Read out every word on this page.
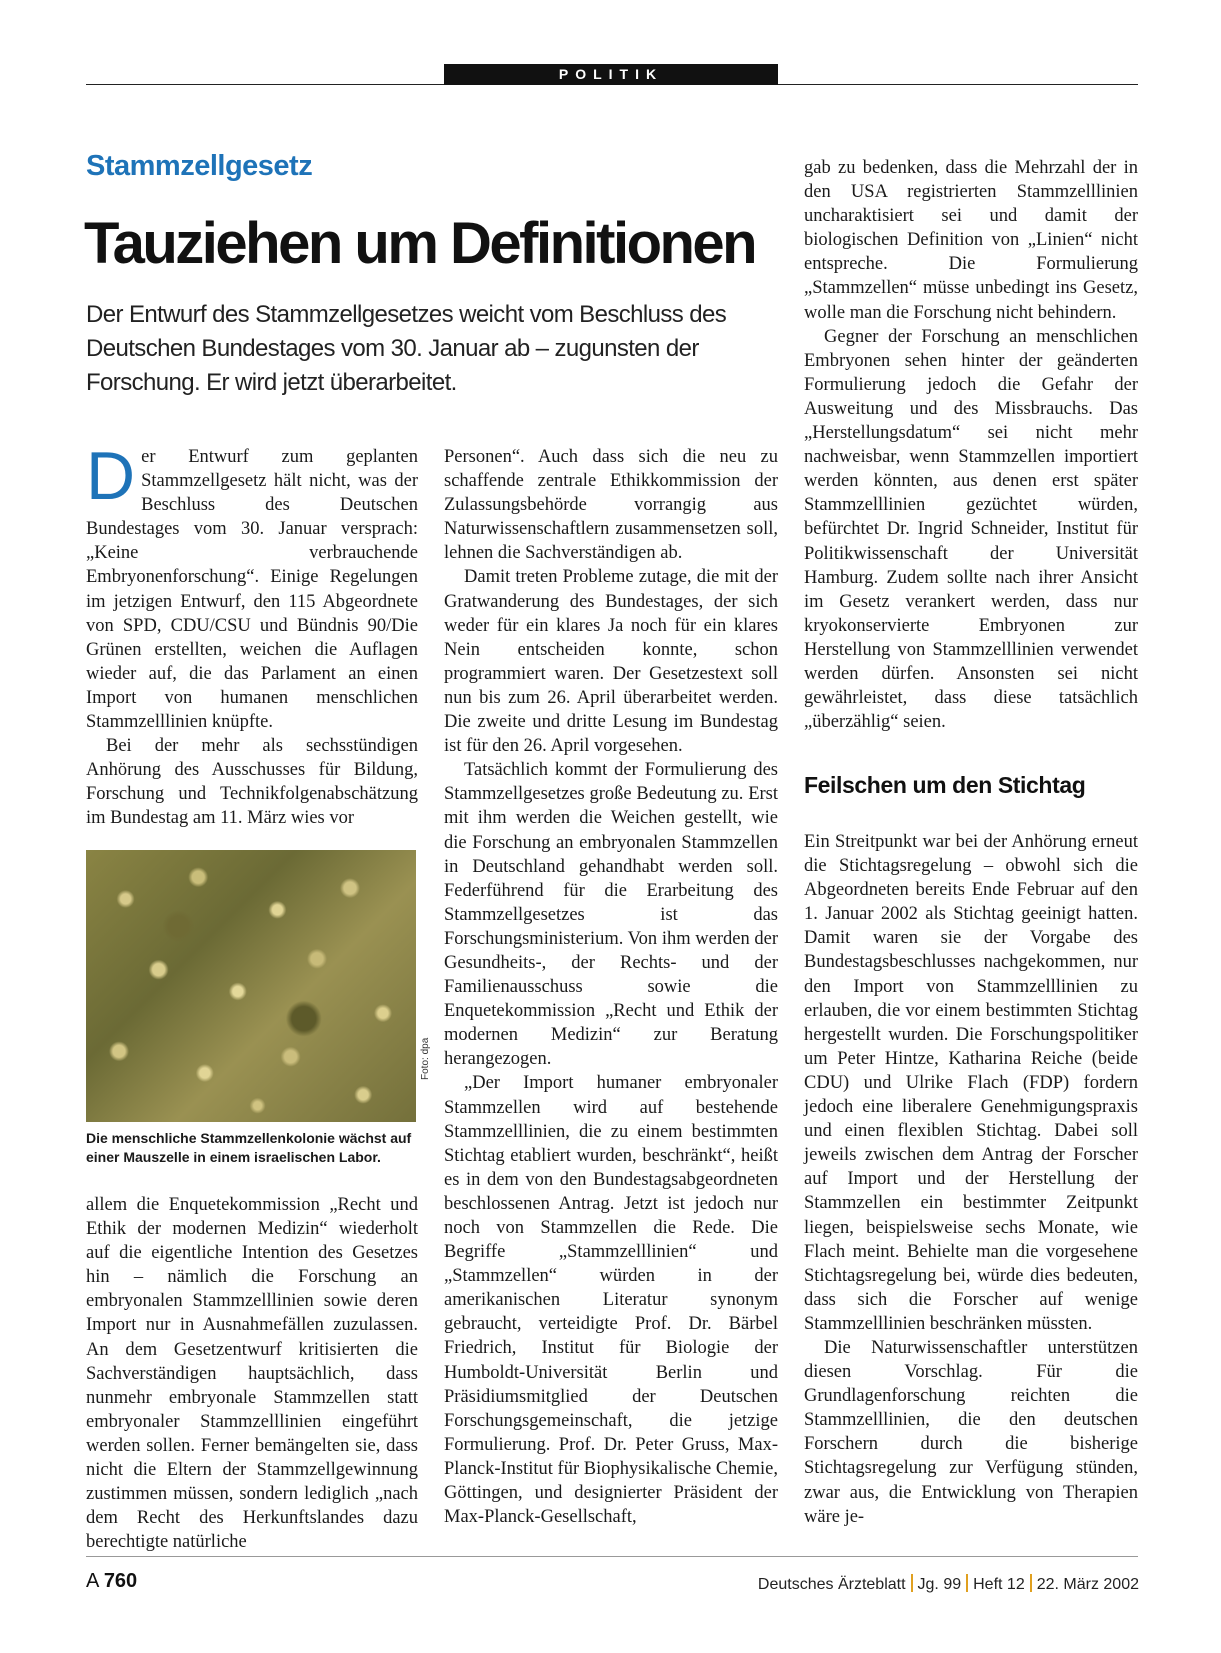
POLITIK
Stammzellgesetz
Tauziehen um Definitionen
Der Entwurf des Stammzellgesetzes weicht vom Beschluss des Deutschen Bundestages vom 30. Januar ab – zugunsten der Forschung. Er wird jetzt überarbeitet.

Der Entwurf zum geplanten Stammzellgesetz hält nicht, was der Beschluss des Deutschen Bundestages vom 30. Januar versprach: „Keine verbrauchende Embryonenforschung“. Einige Regelungen im jetzigen Entwurf, den 115 Abgeordnete von SPD, CDU/CSU und Bündnis 90/Die Grünen erstellten, weichen die Auflagen wieder auf, die das Parlament an einen Import von humanen menschlichen Stammzelllinien knüpfte.

Bei der mehr als sechsstündigen Anhörung des Ausschusses für Bildung, Forschung und Technikfolgenabschätzung im Bundestag am 11. März wies vor

Foto: dpa
Die menschliche Stammzellenkolonie wächst auf einer Mauszelle in einem israelischen Labor.

allem die Enquetekommission „Recht und Ethik der modernen Medizin“ wiederholt auf die eigentliche Intention des Gesetzes hin – nämlich die Forschung an embryonalen Stammzelllinien sowie deren Import nur in Ausnahmefällen zuzulassen. An dem Gesetzentwurf kritisierten die Sachverständigen hauptsächlich, dass nunmehr embryonale Stammzellen statt embryonaler Stammzelllinien eingeführt werden sollen. Ferner bemängelten sie, dass nicht die Eltern der Stammzellgewinnung zustimmen müssen, sondern lediglich „nach dem Recht des Herkunftslandes dazu berechtigte natürliche

Personen“. Auch dass sich die neu zu schaffende zentrale Ethikkommission der Zulassungsbehörde vorrangig aus Naturwissenschaftlern zusammensetzen soll, lehnen die Sachverständigen ab.

Damit treten Probleme zutage, die mit der Gratwanderung des Bundestages, der sich weder für ein klares Ja noch für ein klares Nein entscheiden konnte, schon programmiert waren. Der Gesetzestext soll nun bis zum 26. April überarbeitet werden. Die zweite und dritte Lesung im Bundestag ist für den 26. April vorgesehen.

Tatsächlich kommt der Formulierung des Stammzellgesetzes große Bedeutung zu. Erst mit ihm werden die Weichen gestellt, wie die Forschung an embryonalen Stammzellen in Deutschland gehandhabt werden soll. Federführend für die Erarbeitung des Stammzellgesetzes ist das Forschungsministerium. Von ihm werden der Gesundheits-, der Rechts- und der Familienausschuss sowie die Enquetekommission „Recht und Ethik der modernen Medizin“ zur Beratung herangezogen.

„Der Import humaner embryonaler Stammzellen wird auf bestehende Stammzelllinien, die zu einem bestimmten Stichtag etabliert wurden, beschränkt“, heißt es in dem von den Bundestagsabgeordneten beschlossenen Antrag. Jetzt ist jedoch nur noch von Stammzellen die Rede. Die Begriffe „Stammzelllinien“ und „Stammzellen“ würden in der amerikanischen Literatur synonym gebraucht, verteidigte Prof. Dr. Bärbel Friedrich, Institut für Biologie der Humboldt-Universität Berlin und Präsidiumsmitglied der Deutschen Forschungsgemeinschaft, die jetzige Formulierung. Prof. Dr. Peter Gruss, Max-Planck-Institut für Biophysikalische Chemie, Göttingen, und designierter Präsident der Max-Planck-Gesellschaft,

gab zu bedenken, dass die Mehrzahl der in den USA registrierten Stammzelllinien uncharaktisiert sei und damit der biologischen Definition von „Linien“ nicht entspreche. Die Formulierung „Stammzellen“ müsse unbedingt ins Gesetz, wolle man die Forschung nicht behindern.

Gegner der Forschung an menschlichen Embryonen sehen hinter der geänderten Formulierung jedoch die Gefahr der Ausweitung und des Missbrauchs. Das „Herstellungsdatum“ sei nicht mehr nachweisbar, wenn Stammzellen importiert werden könnten, aus denen erst später Stammzelllinien gezüchtet würden, befürchtet Dr. Ingrid Schneider, Institut für Politikwissenschaft der Universität Hamburg. Zudem sollte nach ihrer Ansicht im Gesetz verankert werden, dass nur kryokonservierte Embryonen zur Herstellung von Stammzelllinien verwendet werden dürfen. Ansonsten sei nicht gewährleistet, dass diese tatsächlich „überzählig“ seien.

Feilschen um den Stichtag

Ein Streitpunkt war bei der Anhörung erneut die Stichtagsregelung – obwohl sich die Abgeordneten bereits Ende Februar auf den 1. Januar 2002 als Stichtag geeinigt hatten. Damit waren sie der Vorgabe des Bundestagsbeschlusses nachgekommen, nur den Import von Stammzelllinien zu erlauben, die vor einem bestimmten Stichtag hergestellt wurden. Die Forschungspolitiker um Peter Hintze, Katharina Reiche (beide CDU) und Ulrike Flach (FDP) fordern jedoch eine liberalere Genehmigungspraxis und einen flexiblen Stichtag. Dabei soll jeweils zwischen dem Antrag der Forscher auf Import und der Herstellung der Stammzellen ein bestimmter Zeitpunkt liegen, beispielsweise sechs Monate, wie Flach meint. Behielte man die vorgesehene Stichtagsregelung bei, würde dies bedeuten, dass sich die Forscher auf wenige Stammzelllinien beschränken müssten.

Die Naturwissenschaftler unterstützen diesen Vorschlag. Für die Grundlagenforschung reichten die Stammzelllinien, die den deutschen Forschern durch die bisherige Stichtagsregelung zur Verfügung stünden, zwar aus, die Entwicklung von Therapien wäre je-

A 760	Deutsches Ärzteblatt Jg. 99 Heft 12 22. März 2002
